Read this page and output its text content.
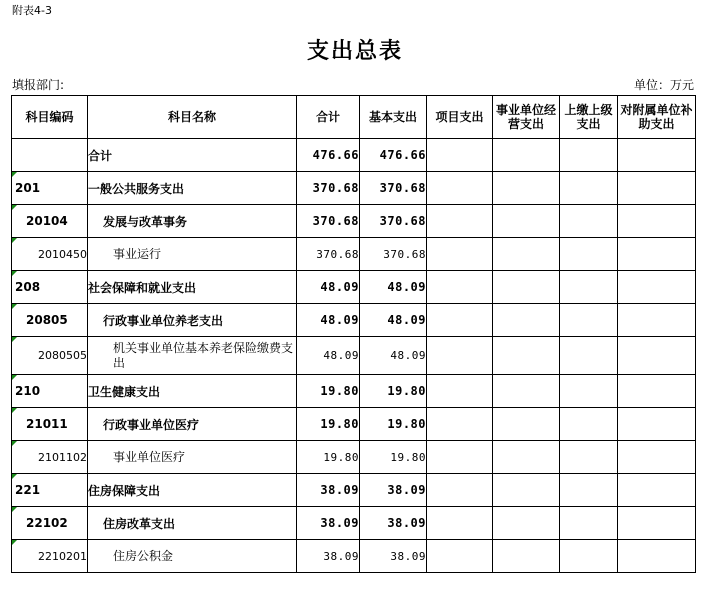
附表4-3
支出总表
填报部门:	单位：万元
科目编码	科目名称	合计	基本支出	项目支出	事业单位经营支出	上缴上级支出	对附属单位补助支出
	合计	476.66	476.66				
201	一般公共服务支出	370.68	370.68				
20104	发展与改革事务	370.68	370.68				
2010450	事业运行	370.68	370.68				
208	社会保障和就业支出	48.09	48.09				
20805	行政事业单位养老支出	48.09	48.09				
2080505	机关事业单位基本养老保险缴费支出	48.09	48.09				
210	卫生健康支出	19.80	19.80				
21011	行政事业单位医疗	19.80	19.80				
2101102	事业单位医疗	19.80	19.80				
221	住房保障支出	38.09	38.09				
22102	住房改革支出	38.09	38.09				
2210201	住房公积金	38.09	38.09				
